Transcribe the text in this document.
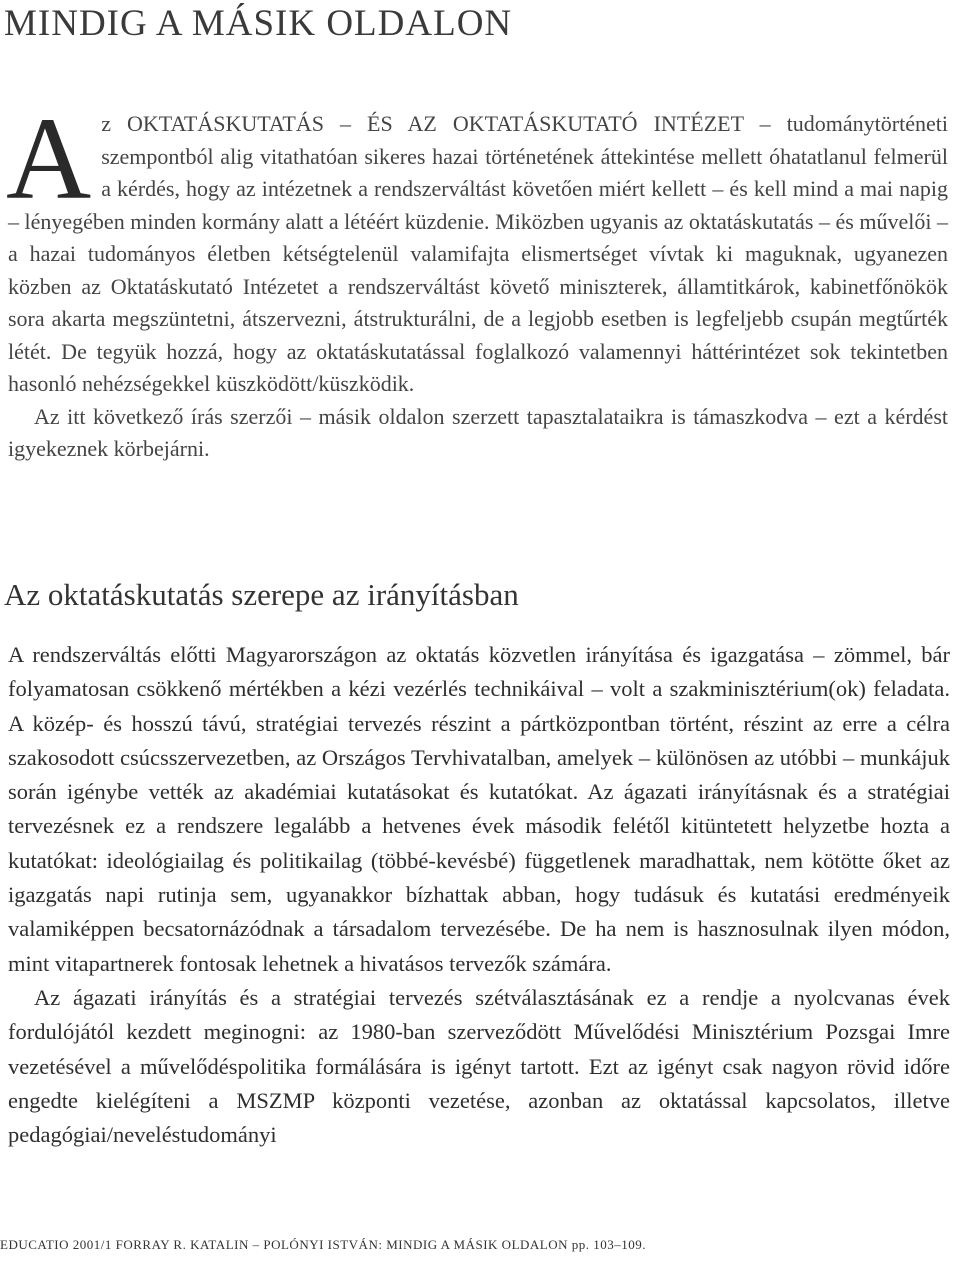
MINDIG A MÁSIK OLDALON
A z OKTATÁSKUTATÁS – ÉS AZ OKTATÁSKUTATÓ INTÉZET – tudománytörténeti szempontból alig vitathatóan sikeres hazai történetének áttekintése mellett óhatatlanul felmerül a kérdés, hogy az intézetnek a rendszerváltást követően miért kellett – és kell mind a mai napig – lényegében minden kormány alatt a létéért küzdenie. Miközben ugyanis az oktatáskutatás – és művelői – a hazai tudományos életben kétségtelenül valamifajta elismertséget vívtak ki maguknak, ugyanezen közben az Oktatáskutató Intézetet a rendszerváltást követő miniszterek, államtitkárok, kabinetfőnökök sora akarta megszüntetni, átszervezni, átstrukturálni, de a legjobb esetben is legfeljebb csupán megtűrték létét. De tegyük hozzá, hogy az oktatáskutatással foglalkozó valamennyi háttérintézet sok tekintetben hasonló nehézségekkel küszködött/küszködik.

Az itt következő írás szerzői – másik oldalon szerzett tapasztalataikra is támaszkodva – ezt a kérdést igyekeznek körbejárni.

Az oktatáskutatás szerepe az irányításban

A rendszerváltás előtti Magyarországon az oktatás közvetlen irányítása és igazgatása – zömmel, bár folyamatosan csökkenő mértékben a kézi vezérlés technikáival – volt a szakminisztérium(ok) feladata. A közép- és hosszú távú, stratégiai tervezés részint a pártközpontban történt, részint az erre a célra szakosodott csúcsszervezetben, az Országos Tervhivatalban, amelyek – különösen az utóbbi – munkájuk során igénybe vették az akadémiai kutatásokat és kutatókat. Az ágazati irányításnak és a stratégiai tervezésnek ez a rendszere legalább a hetvenes évek második felétől kitüntetett helyzetbe hozta a kutatókat: ideológiailag és politikailag (többé-kevésbé) függetlenek maradhattak, nem kötötte őket az igazgatás napi rutinja sem, ugyanakkor bízhattak abban, hogy tudásuk és kutatási eredményeik valamiképpen becsatornázódnak a társadalom tervezésébe. De ha nem is hasznosulnak ilyen módon, mint vitapartnerek fontosak lehetnek a hivatásos tervezők számára.

Az ágazati irányítás és a stratégiai tervezés szétválasztásának ez a rendje a nyolcvanas évek fordulójától kezdett meginogni: az 1980-ban szerveződött Művelődési Minisztérium Pozsgai Imre vezetésével a művelődéspolitika formálására is igényt tartott. Ezt az igényt csak nagyon rövid időre engedte kielégíteni a MSZMP központi vezetése, azonban az oktatással kapcsolatos, illetve pedagógiai/neveléstudományi

EDUCATIO 2001/1 FORRAY R. KATALIN – POLÓNYI ISTVÁN: MINDIG A MÁSIK OLDALON pp. 103–109.
